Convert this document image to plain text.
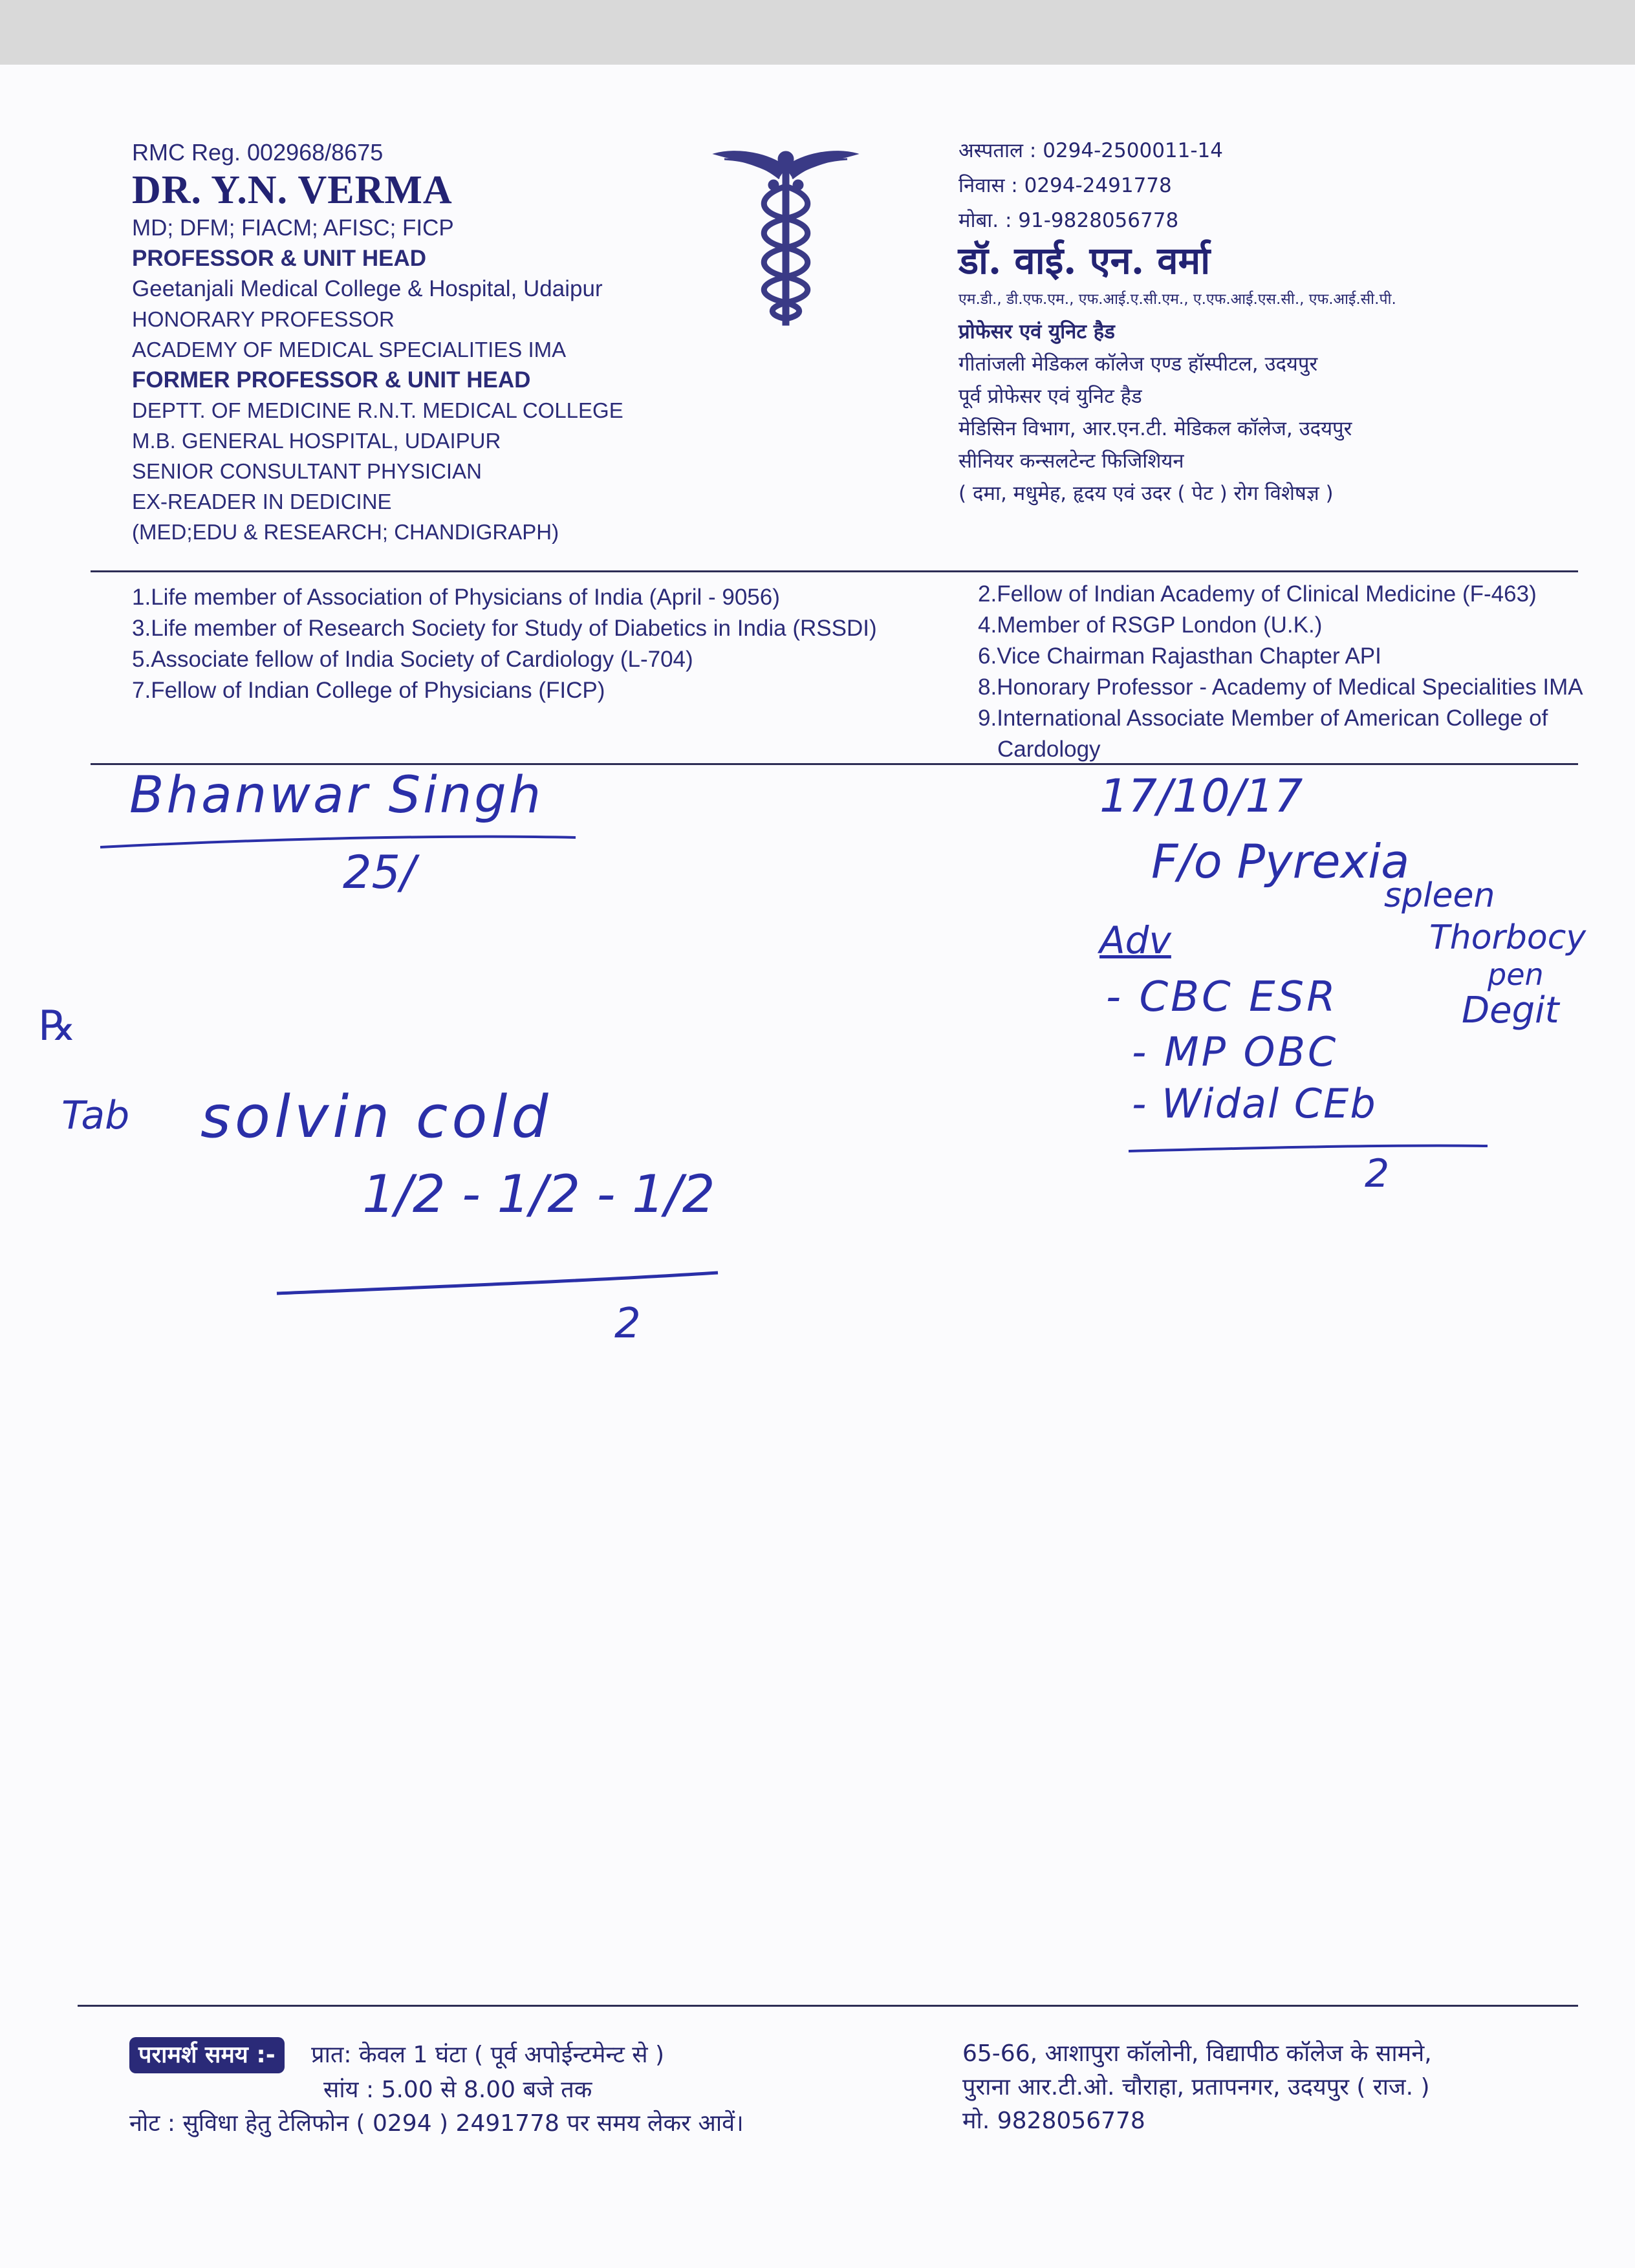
RMC Reg. 002968/8675
DR. Y.N. VERMA
MD; DFM; FIACM; AFISC; FICP
PROFESSOR & UNIT HEAD
Geetanjali Medical College & Hospital, Udaipur
HONORARY PROFESSOR
ACADEMY OF MEDICAL SPECIALITIES IMA
FORMER PROFESSOR & UNIT HEAD
DEPTT. OF MEDICINE R.N.T. MEDICAL COLLEGE
M.B. GENERAL HOSPITAL, UDAIPUR
SENIOR CONSULTANT PHYSICIAN
EX-READER IN DEDICINE
(MED;EDU & RESEARCH; CHANDIGRAPH)
अस्पताल : 0294-2500011-14
निवास : 0294-2491778
मोबा. : 91-9828056778
डॉ. वाई. एन. वर्मा
एम.डी., डी.एफ.एम., एफ.आई.ए.सी.एम., ए.एफ.आई.एस.सी., एफ.आई.सी.पी.
प्रोफेसर एवं युनिट हैड
गीतांजली मेडिकल कॉलेज एण्ड हॉस्पीटल, उदयपुर
पूर्व प्रोफेसर एवं युनिट हैड
मेडिसिन विभाग, आर.एन.टी. मेडिकल कॉलेज, उदयपुर
सीनियर कन्सलटेन्ट फिजिशियन
( दमा, मधुमेह, हृदय एवं उदर ( पेट ) रोग विशेषज्ञ )
1.Life member of Association of Physicians of India (April - 9056)
3.Life member of Research Society for Study of Diabetics in India (RSSDI)
5.Associate fellow of India Society of Cardiology (L-704)
7.Fellow of Indian College of Physicians (FICP)
2.Fellow of Indian Academy of Clinical Medicine (F-463)
4.Member of RSGP London (U.K.)
6.Vice Chairman Rajasthan Chapter API
8.Honorary Professor - Academy of Medical Specialities IMA
9.International Associate Member of American College of
Cardology
Bhanwar Singh
25/
17/10/17
F/o Pyrexia
spleen
Thorbocy
pen
Degit
Adv
- CBC ESR
- MP OBC
- Widal CEb
2
℞
Tab solvin cold
1/2 - 1/2 - 1/2
2
परामर्श समय :- प्रात: केवल 1 घंटा ( पूर्व अपोईन्टमेन्ट से )
सांय : 5.00 से 8.00 बजे तक
नोट : सुविधा हेतु टेलिफोन ( 0294 ) 2491778 पर समय लेकर आवें।
65-66, आशापुरा कॉलोनी, विद्यापीठ कॉलेज के सामने,
पुराना आर.टी.ओ. चौराहा, प्रतापनगर, उदयपुर ( राज. )
मो. 9828056778
